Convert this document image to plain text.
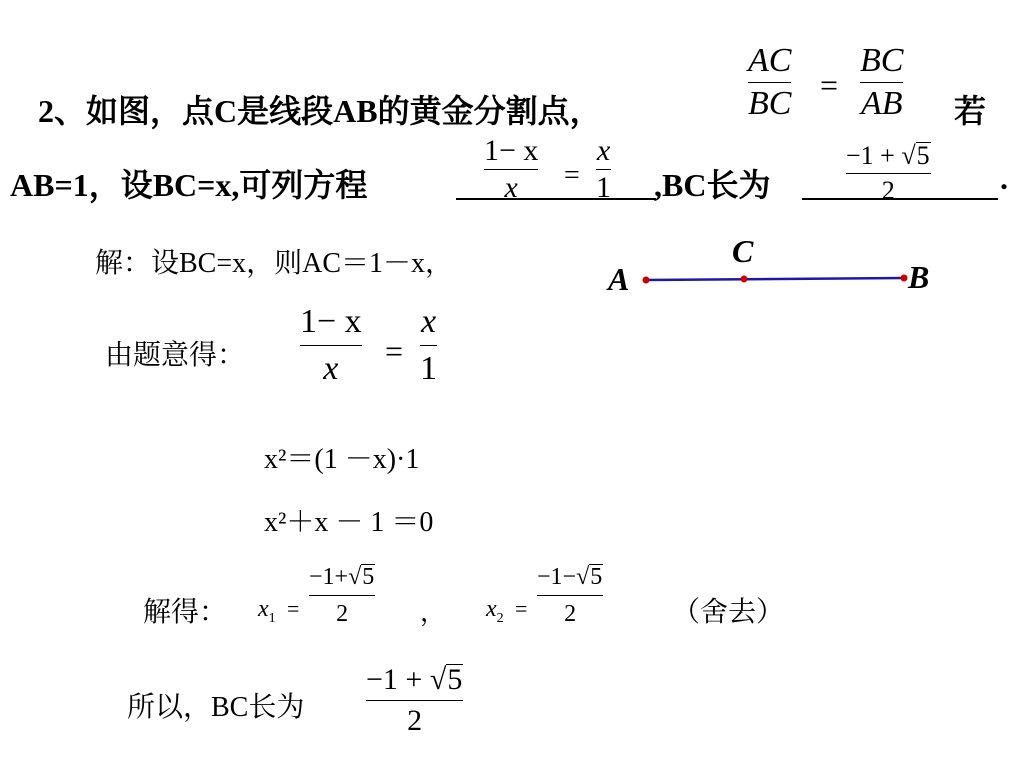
2、如图，点C是线段AB的黄金分割点，
AC
BC =
BC
AB 若
AB=1，设BC=x,可列方程
1− x
x =
x
1 ,BC长为
−1 + √ 5
2	.
A
C
B
解：设BC=x，则AC＝1－x，
由题意得：
1− x
x =
x
1
x²＝(1 －x)·1
x²＋x － 1 ＝0
解得： $x_1$ =
−1+ √ 5
2	， $x_2$ =
−1− √ 5
2	（舍去）
所以，BC长为
−1 + √ 5
2
